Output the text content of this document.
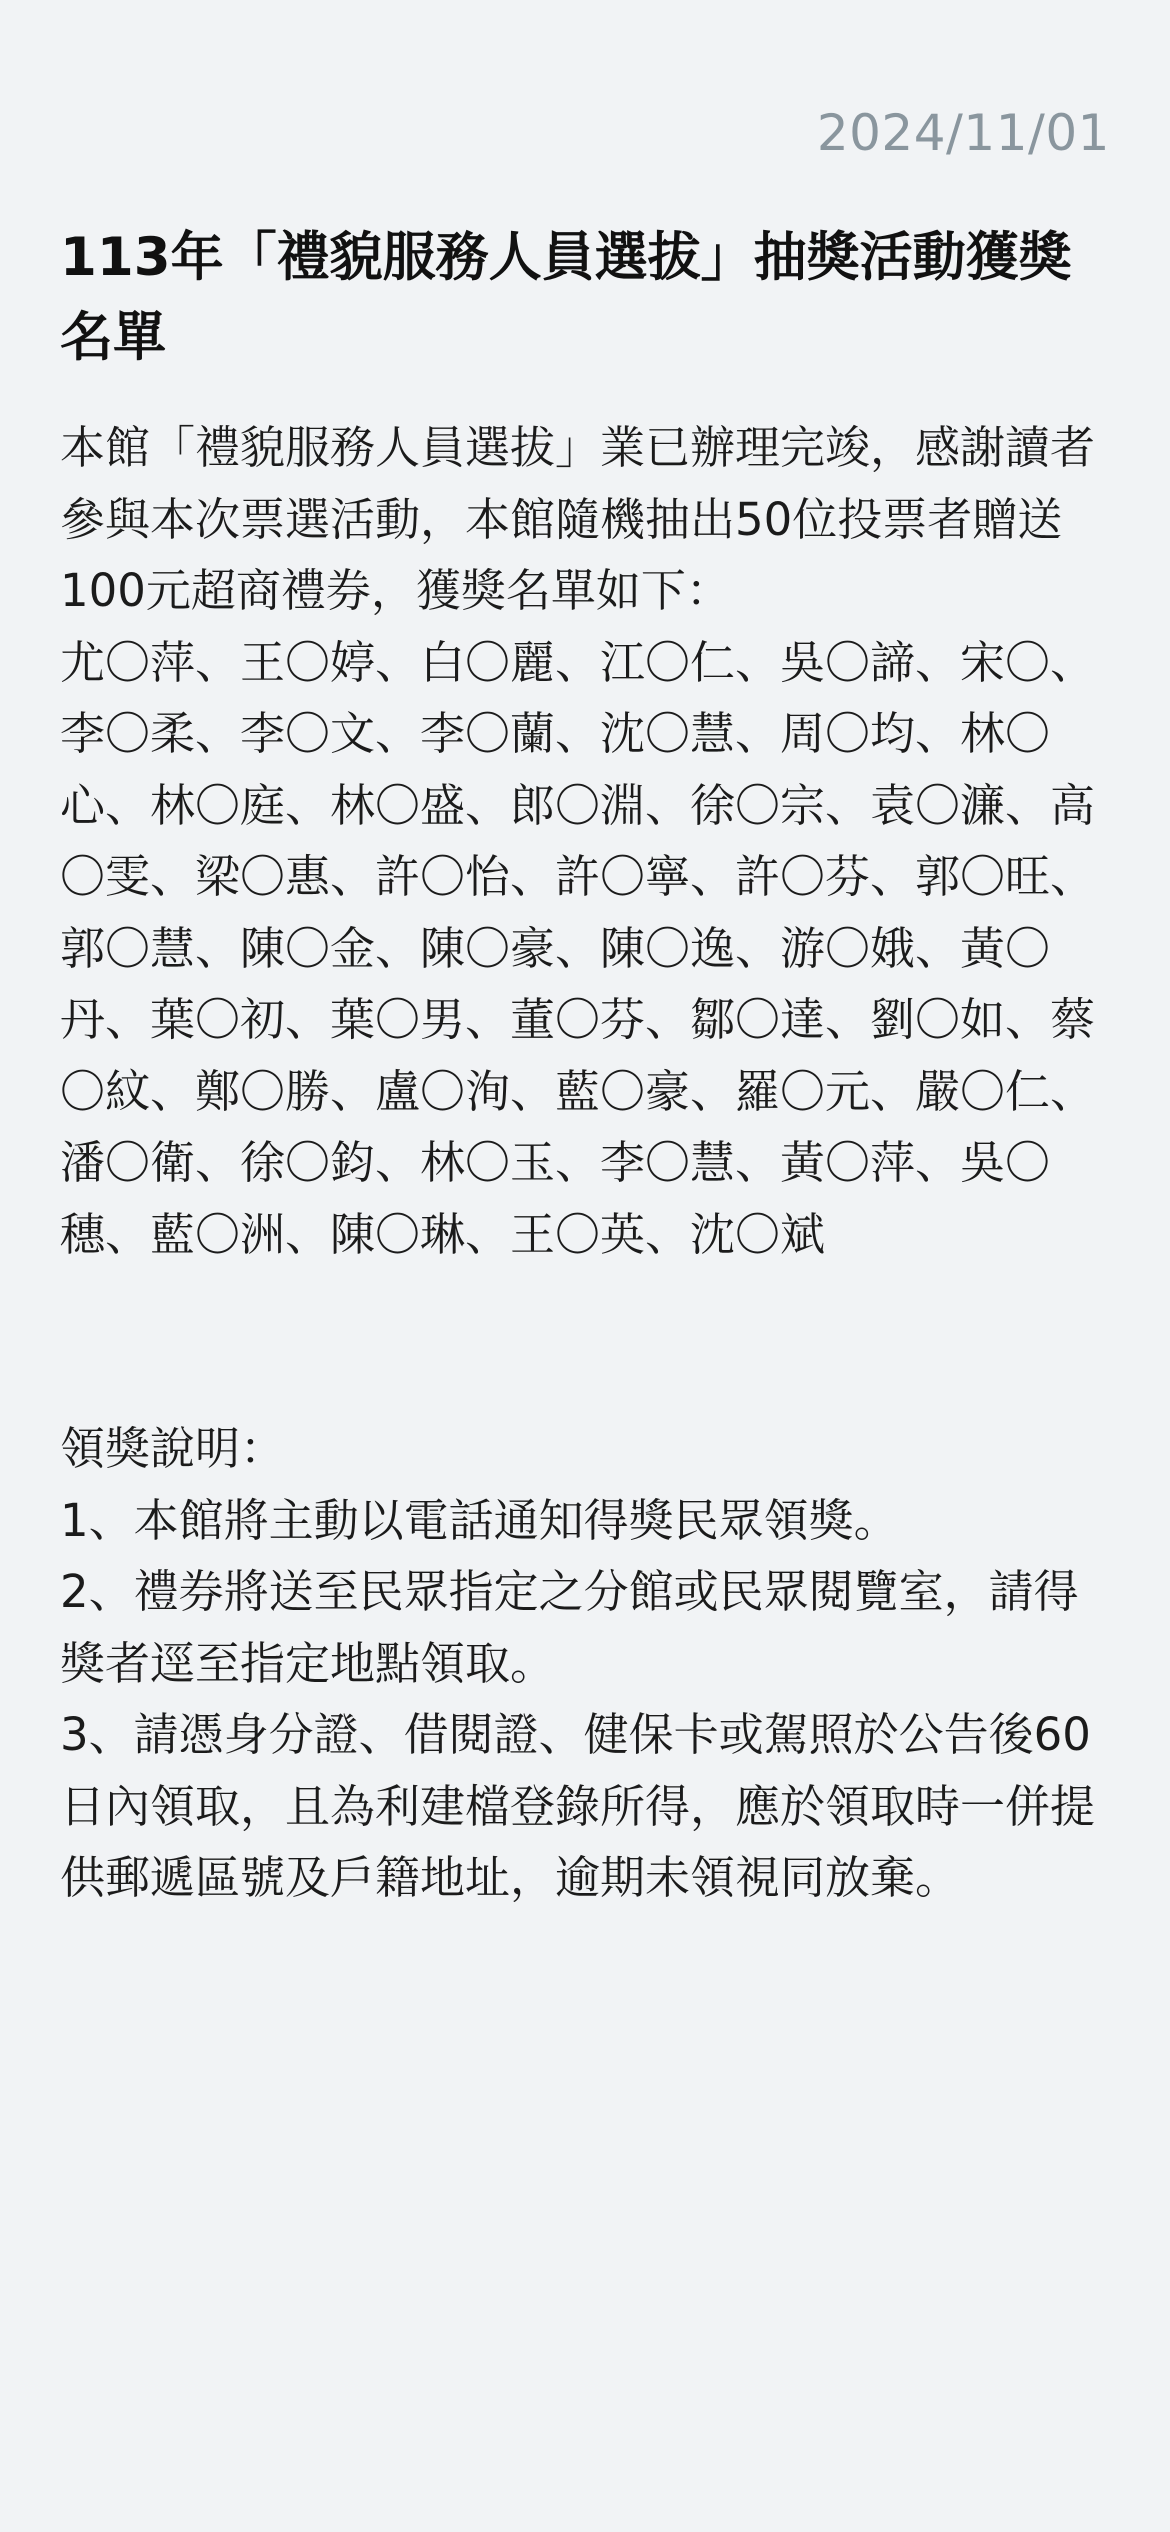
2024/11/01
113年「禮貌服務人員選拔」抽獎活動獲獎名單

本館「禮貌服務人員選拔」業已辦理完竣，感謝讀者參與本次票選活動，本館隨機抽出50位投票者贈送100元超商禮券，獲獎名單如下：

尤〇萍、王〇婷、白〇麗、江〇仁、吳〇諦、宋〇、李〇柔、李〇文、李〇蘭、沈〇慧、周〇均、林〇心、林〇庭、林〇盛、郎〇淵、徐〇宗、袁〇濂、高〇雯、梁〇惠、許〇怡、許〇寧、許〇芬、郭〇旺、郭〇慧、陳〇金、陳〇豪、陳〇逸、游〇娥、黃〇丹、葉〇初、葉〇男、董〇芬、鄒〇達、劉〇如、蔡〇紋、鄭〇勝、盧〇洵、藍〇豪、羅〇元、嚴〇仁、潘〇衛、徐〇鈞、林〇玉、李〇慧、黃〇萍、吳〇穗、藍〇洲、陳〇琳、王〇英、沈〇斌

領獎說明：

1、本館將主動以電話通知得獎民眾領獎。

2、禮券將送至民眾指定之分館或民眾閱覽室，請得獎者逕至指定地點領取。

3、請憑身分證、借閱證、健保卡或駕照於公告後60日內領取，且為利建檔登錄所得，應於領取時一併提供郵遞區號及戶籍地址，逾期未領視同放棄。
